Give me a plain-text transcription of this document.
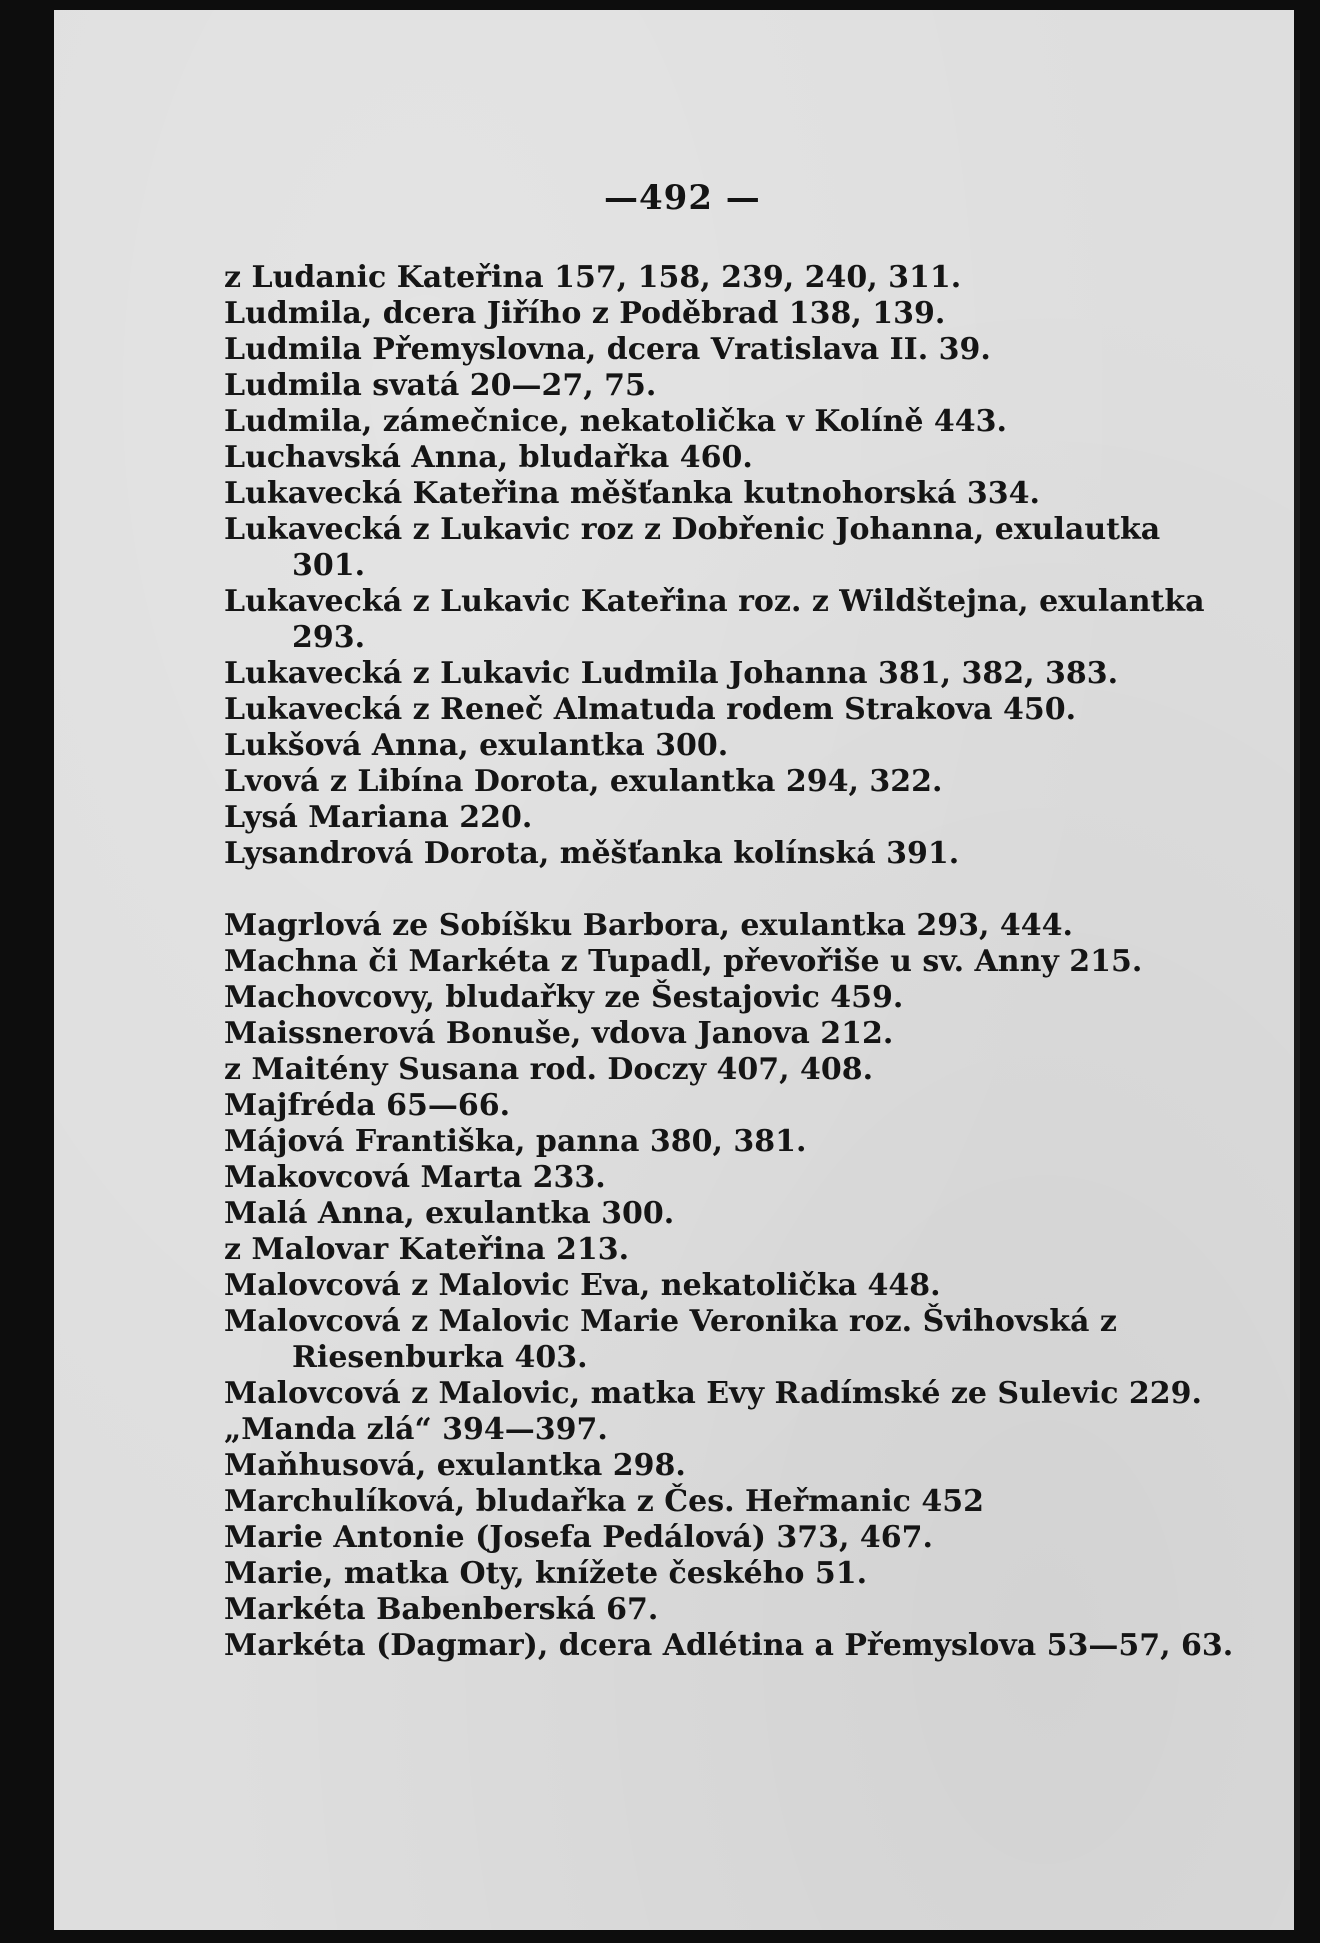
—492 —
z Ludanic Kateřina 157, 158, 239, 240, 311.
Ludmila, dcera Jiřího z Poděbrad 138, 139.
Ludmila Přemyslovna, dcera Vratislava II. 39.
Ludmila svatá 20—27, 75.
Ludmila, zámečnice, nekatolička v Kolíně 443.
Luchavská Anna, bludařka 460.
Lukavecká Kateřina měšťanka kutnohorská 334.
Lukavecká z Lukavic roz z Dobřenic Johanna, exulautka 301.
Lukavecká z Lukavic Kateřina roz. z Wildštejna, exulantka 293.
Lukavecká z Lukavic Ludmila Johanna 381, 382, 383.
Lukavecká z Reneč Almatuda rodem Strakova 450.
Lukšová Anna, exulantka 300.
Lvová z Libína Dorota, exulantka 294, 322.
Lysá Mariana 220.
Lysandrová Dorota, měšťanka kolínská 391.
Magrlová ze Sobíšku Barbora, exulantka 293, 444.
Machna či Markéta z Tupadl, převořiše u sv. Anny 215.
Machovcovy, bludařky ze Šestajovic 459.
Maissnerová Bonuše, vdova Janova 212.
z Maitény Susana rod. Doczy 407, 408.
Majfréda 65—66.
Májová Františka, panna 380, 381.
Makovcová Marta 233.
Malá Anna, exulantka 300.
z Malovar Kateřina 213.
Malovcová z Malovic Eva, nekatolička 448.
Malovcová z Malovic Marie Veronika roz. Švihovská z Riesenburka 403.
Malovcová z Malovic, matka Evy Radímské ze Sulevic 229.
„Manda zlá“ 394—397.
Maňhusová, exulantka 298.
Marchulíková, bludařka z Čes. Heřmanic 452
Marie Antonie (Josefa Pedálová) 373, 467.
Marie, matka Oty, knížete českého 51.
Markéta Babenberská 67.
Markéta (Dagmar), dcera Adlétina a Přemyslova 53—57, 63.
